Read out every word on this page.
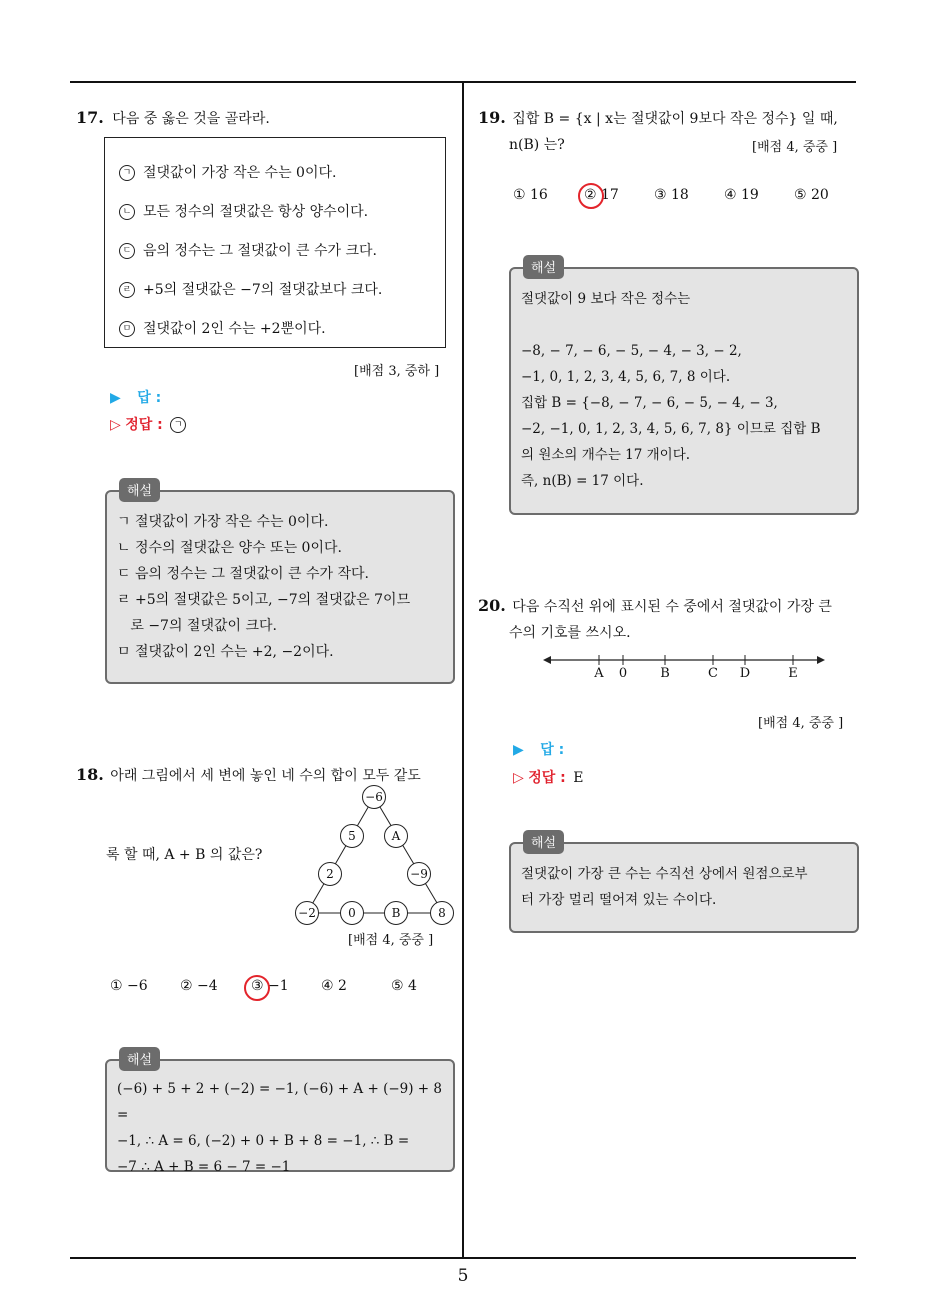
5
17. 다음 중 옳은 것을 골라라.
ㄱ 절댓값이 가장 작은 수는 0이다.
ㄴ 모든 정수의 절댓값은 항상 양수이다.
ㄷ 음의 정수는 그 절댓값이 큰 수가 크다.
ㄹ +5의 절댓값은 −7의 절댓값보다 크다.
ㅁ 절댓값이 2인 수는 +2뿐이다.
[배점 3, 중하 ]
▶ 답 :
▷ 정답 : ㄱ
해설
ㄱ 절댓값이 가장 작은 수는 0이다.
ㄴ 정수의 절댓값은 양수 또는 0이다.
ㄷ 음의 정수는 그 절댓값이 큰 수가 작다.
ㄹ +5의 절댓값은 5이고, −7의 절댓값은 7이므
로 −7의 절댓값이 크다.
ㅁ 절댓값이 2인 수는 +2, −2이다.
18. 아래 그림에서 세 변에 놓인 네 수의 합이 모두 같도
록 할 때, A + B 의 값은?
−6
5	A
2	−9
−2	0	B	8
[배점 4, 중중 ]
① −6 ② −4 ③ −1 ④ 2	⑤ 4
해설
(−6) + 5 + 2 + (−2) = −1, (−6) + A + (−9) + 8 =
−1, ∴ A = 6, (−2) + 0 + B + 8 = −1, ∴ B =
−7 ∴ A + B = 6 − 7 = −1
19. 집합 B = {x | x는 절댓값이 9보다 작은 정수} 일 때,
n(B) 는?	[배점 4, 중중 ]
① 16	② 17	③ 18	④ 19	⑤ 20
해설
절댓값이 9 보다 작은 정수는
−8, − 7, − 6, − 5, − 4, − 3, − 2,
−1, 0, 1, 2, 3, 4, 5, 6, 7, 8 이다.
집합 B = {−8, − 7, − 6, − 5, − 4, − 3,
−2, −1, 0, 1, 2, 3, 4, 5, 6, 7, 8} 이므로 집합 B
의 원소의 개수는 17 개이다.
즉, n(B) = 17 이다.
20. 다음 수직선 위에 표시된 수 중에서 절댓값이 가장 큰
수의 기호를 쓰시오.
A	0	B	C	D	E
[배점 4, 중중 ]
▶ 답 :
▷ 정답 : E
해설
절댓값이 가장 큰 수는 수직선 상에서 원점으로부
터 가장 멀리 떨어져 있는 수이다.
